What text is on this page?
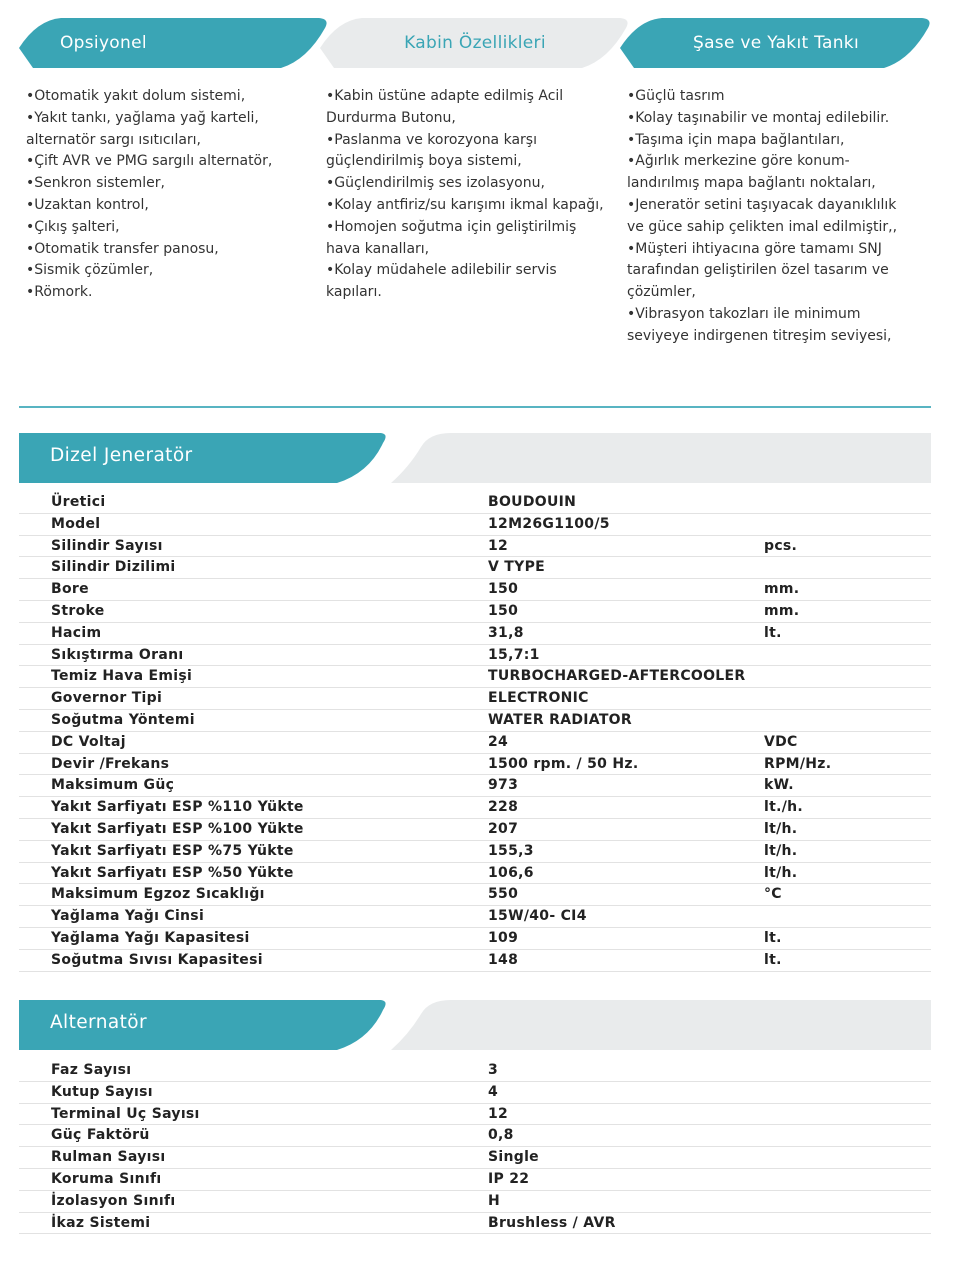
Opsiyonel	Kabin Özellikleri	Şase ve Yakıt Tankı
•Otomatik yakıt dolum sistemi,
•Yakıt tankı, yağlama yağ karteli,
alternatör sargı ısıtıcıları,
•Çift AVR ve PMG sargılı alternatör,
•Senkron sistemler,
•Uzaktan kontrol,
•Çıkış şalteri,
•Otomatik transfer panosu,
•Sismik çözümler,
•Römork.
•Kabin üstüne adapte edilmiş Acil
Durdurma Butonu,
•Paslanma ve korozyona karşı
güçlendirilmiş boya sistemi,
•Güçlendirilmiş ses izolasyonu,
•Kolay antfiriz/su karışımı ikmal kapağı,
•Homojen soğutma için geliştirilmiş
hava kanalları,
•Kolay müdahele adilebilir servis
kapıları.
•Güçlü tasrım
•Kolay taşınabilir ve montaj edilebilir.
•Taşıma için mapa bağlantıları,
•Ağırlık merkezine göre konum-
landırılmış mapa bağlantı noktaları,
•Jeneratör setini taşıyacak dayanıklılık
ve güce sahip çelikten imal edilmiştir,,
•Müşteri ihtiyacına göre tamamı SNJ
tarafından geliştirilen özel tasarım ve
çözümler,
•Vibrasyon takozları ile minimum
seviyeye indirgenen titreşim seviyesi,
Dizel Jeneratör
Üretici	BOUDOUIN
Model	12M26G1100/5
Silindir Sayısı	12	pcs.
Silindir Dizilimi	V TYPE
Bore	150	mm.
Stroke	150	mm.
Hacim	31,8	lt.
Sıkıştırma Oranı	15,7:1
Temiz Hava Emişi	TURBOCHARGED-AFTERCOOLER
Governor Tipi	ELECTRONIC
Soğutma Yöntemi	WATER RADIATOR
DC Voltaj	24	VDC
Devir /Frekans	1500 rpm. / 50 Hz.	RPM/Hz.
Maksimum Güç	973	kW.
Yakıt Sarfiyatı ESP %110 Yükte	228	lt./h.
Yakıt Sarfiyatı ESP %100 Yükte	207	lt/h.
Yakıt Sarfiyatı ESP %75 Yükte	155,3	lt/h.
Yakıt Sarfiyatı ESP %50 Yükte	106,6	lt/h.
Maksimum Egzoz Sıcaklığı	550	°C
Yağlama Yağı Cinsi	15W/40- CI4
Yağlama Yağı Kapasitesi	109	lt.
Soğutma Sıvısı Kapasitesi	148	lt.
Alternatör
Faz Sayısı	3
Kutup Sayısı	4
Terminal Uç Sayısı	12
Güç Faktörü	0,8
Rulman Sayısı	Single
Koruma Sınıfı	IP 22
İzolasyon Sınıfı	H
İkaz Sistemi	Brushless / AVR
